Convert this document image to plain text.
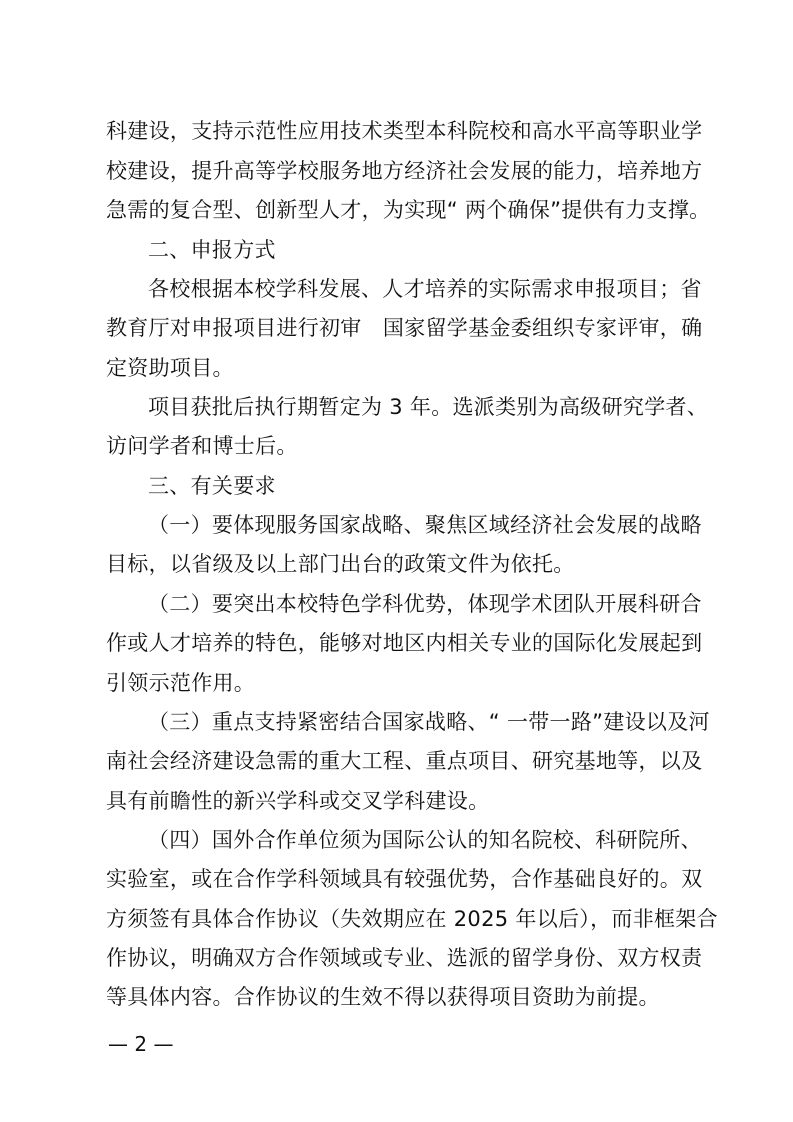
科建设，支持示范性应用技术类型本科院校和高水平高等职业学
校建设，提升高等学校服务地方经济社会发展的能力，培养地方
急需的复合型、创新型人才，为实现“ 两个确保”提供有力支撑。
二、申报方式
各校根据本校学科发展、人才培养的实际需求申报项目；省
教育厅对申报项目进行初审　国家留学基金委组织专家评审，确
定资助项目。
项目获批后执行期暂定为 3 年。选派类别为高级研究学者、
访问学者和博士后。
三、有关要求
（一）要体现服务国家战略、聚焦区域经济社会发展的战略
目标，以省级及以上部门出台的政策文件为依托。
（二）要突出本校特色学科优势，体现学术团队开展科研合
作或人才培养的特色，能够对地区内相关专业的国际化发展起到
引领示范作用。
（三）重点支持紧密结合国家战略、“ 一带一路”建设以及河
南社会经济建设急需的重大工程、重点项目、研究基地等，以及
具有前瞻性的新兴学科或交叉学科建设。
（四）国外合作单位须为国际公认的知名院校、科研院所、
实验室，或在合作学科领域具有较强优势，合作基础良好的。双
方须签有具体合作协议（失效期应在 2025 年以后），而非框架合
作协议，明确双方合作领域或专业、选派的留学身份、双方权责
等具体内容。合作协议的生效不得以获得项目资助为前提。
— 2 —
